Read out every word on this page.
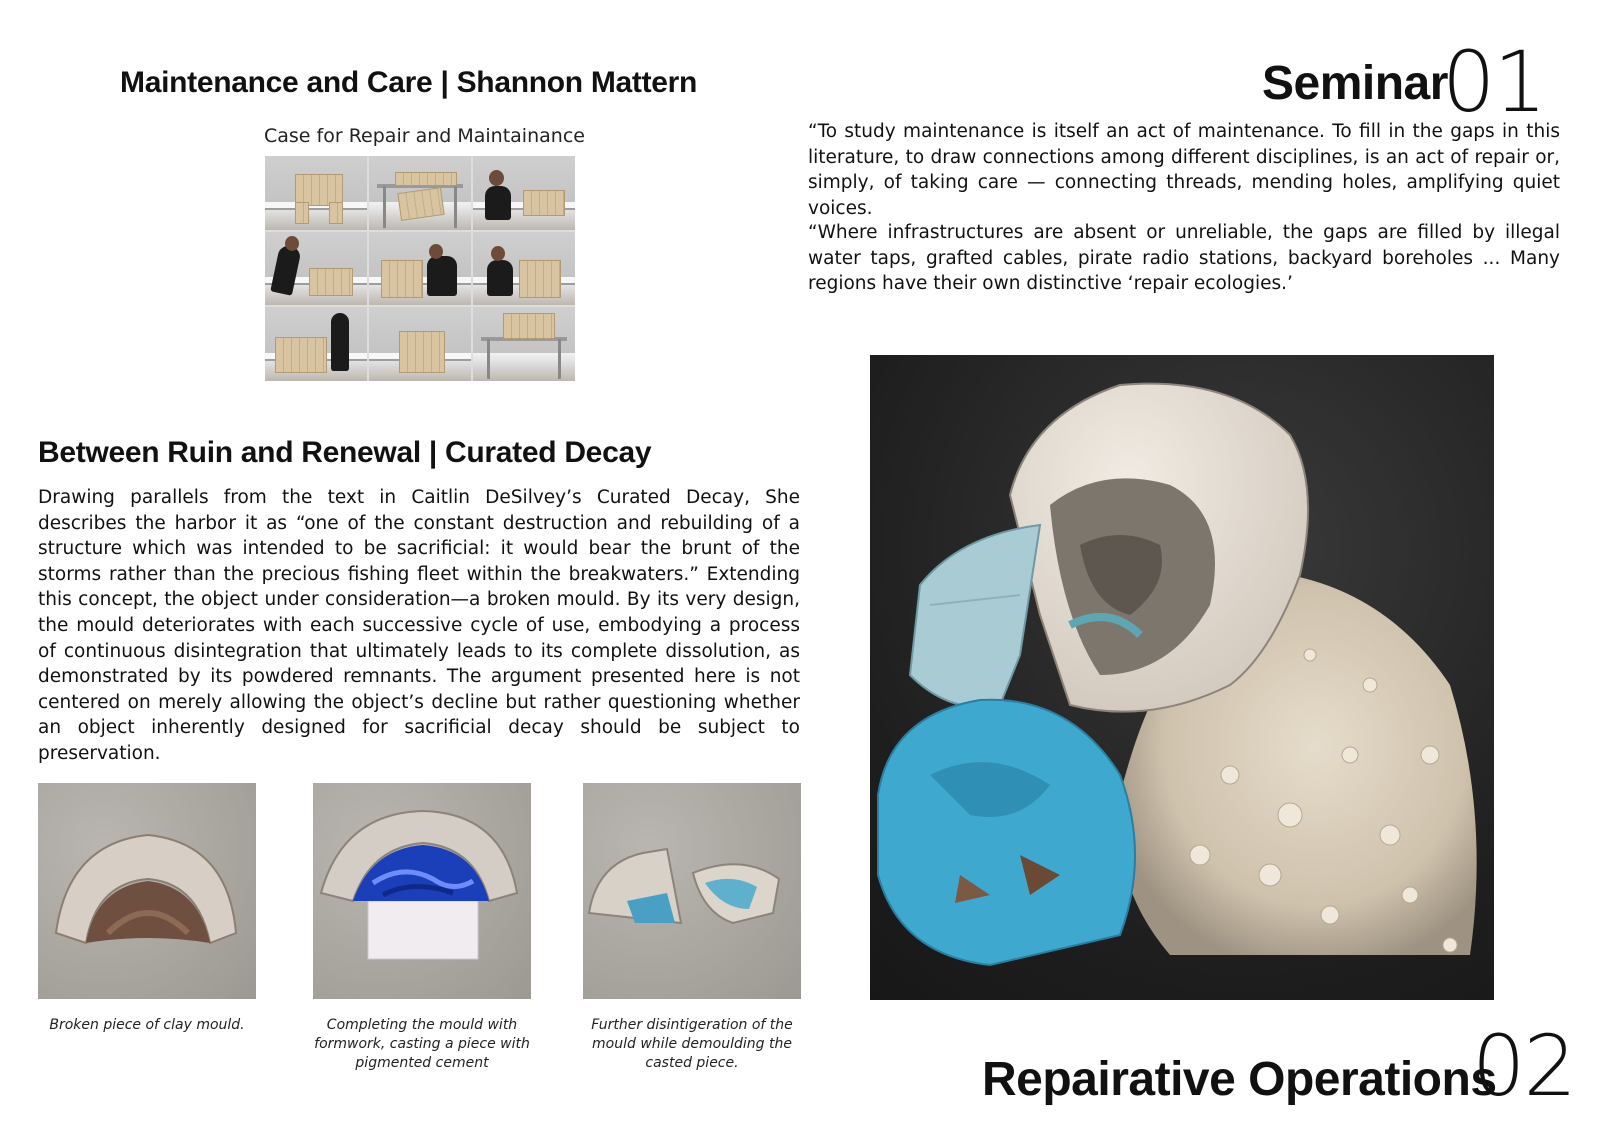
Maintenance and Care | Shannon Mattern
Case for Repair and Maintainance
Seminar
01
“To study maintenance is itself an act of maintenance. To fill in the gaps in this literature, to draw connections among different disciplines, is an act of repair or, simply, of taking care — connecting threads, mending holes, amplifying quiet voices.
“Where infrastructures are absent or unreliable, the gaps are filled by illegal water taps, grafted cables, pirate radio stations, backyard boreholes ... Many regions have their own distinctive ‘repair ecologies.’
Between Ruin and Renewal | Curated Decay
Drawing parallels from the text in Caitlin DeSilvey’s Curated Decay, She describes the harbor it as “one of the constant destruction and rebuilding of a structure which was intended to be sacrificial: it would bear the brunt of the storms rather than the precious fishing fleet within the breakwaters.” Extending this concept, the object under consideration—a broken mould. By its very design, the mould deteriorates with each successive cycle of use, embodying a process of continuous disintegration that ultimately leads to its complete dissolution, as demonstrated by its powdered remnants. The argument presented here is not centered on merely allowing the object’s decline but rather questioning whether an object inherently designed for sacrificial decay should be subject to preservation.
Broken piece of clay mould.	Completing the mould with formwork, casting a piece with pigmented cement
Further disintigeration of the mould while demoulding the casted piece.	Repairative Operations
02
